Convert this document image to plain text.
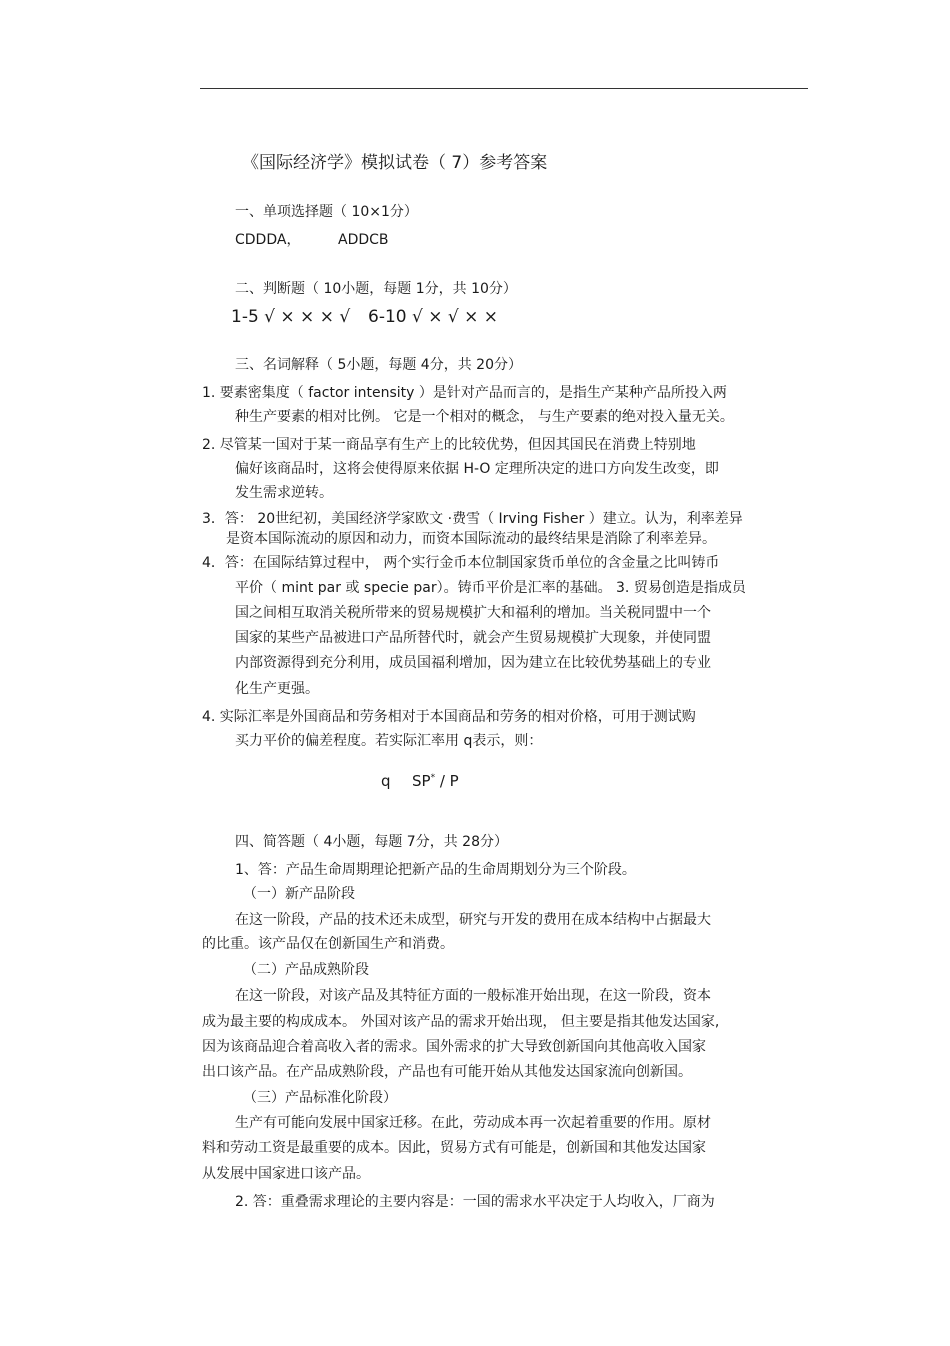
《国际经济学》模拟试卷（ 7）参考答案
一、单项选择题（ 10×1分）
CDDDA，	ADDCB
二、判断题（ 10小题，每题 1分，共 10分）
1-5 √ × × × √ 6-10 √ × √ × ×
三、名词解释（ 5小题，每题 4分，共 20分）
1. 要素密集度（ factor intensity ）是针对产品而言的，是指生产某种产品所投入两
种生产要素的相对比例。 它是一个相对的概念， 与生产要素的绝对投入量无关。
2. 尽管某一国对于某一商品享有生产上的比较优势，但因其国民在消费上特别地
偏好该商品时，这将会使得原来依据 H-O 定理所决定的进口方向发生改变，即
发生需求逆转。
3．答： 20世纪初，美国经济学家欧文 ·费雪（ Irving Fisher ）建立。认为，利率差异
是资本国际流动的原因和动力，而资本国际流动的最终结果是消除了利率差异。
4．答：在国际结算过程中， 两个实行金币本位制国家货币单位的含金量之比叫铸币
平价（ mint par 或 specie par）。铸币平价是汇率的基础。 3. 贸易创造是指成员
国之间相互取消关税所带来的贸易规模扩大和福利的增加。当关税同盟中一个
国家的某些产品被进口产品所替代时，就会产生贸易规模扩大现象，并使同盟
内部资源得到充分利用，成员国福利增加，因为建立在比较优势基础上的专业
化生产更强。
4. 实际汇率是外国商品和劳务相对于本国商品和劳务的相对价格，可用于测试购
买力平价的偏差程度。若实际汇率用 q表示，则：
q SP* / P
四、简答题（ 4小题，每题 7分，共 28分）
1、答：产品生命周期理论把新产品的生命周期划分为三个阶段。
（一）新产品阶段
在这一阶段，产品的技术还未成型，研究与开发的费用在成本结构中占据最大
的比重。该产品仅在创新国生产和消费。
（二）产品成熟阶段
在这一阶段，对该产品及其特征方面的一般标准开始出现，在这一阶段，资本
成为最主要的构成成本。 外国对该产品的需求开始出现， 但主要是指其他发达国家,
因为该商品迎合着高收入者的需求。国外需求的扩大导致创新国向其他高收入国家
出口该产品。在产品成熟阶段，产品也有可能开始从其他发达国家流向创新国。
（三）产品标准化阶段）
生产有可能向发展中国家迁移。在此，劳动成本再一次起着重要的作用。原材
料和劳动工资是最重要的成本。因此，贸易方式有可能是，创新国和其他发达国家
从发展中国家进口该产品。
2. 答：重叠需求理论的主要内容是：一国的需求水平决定于人均收入，厂商为
